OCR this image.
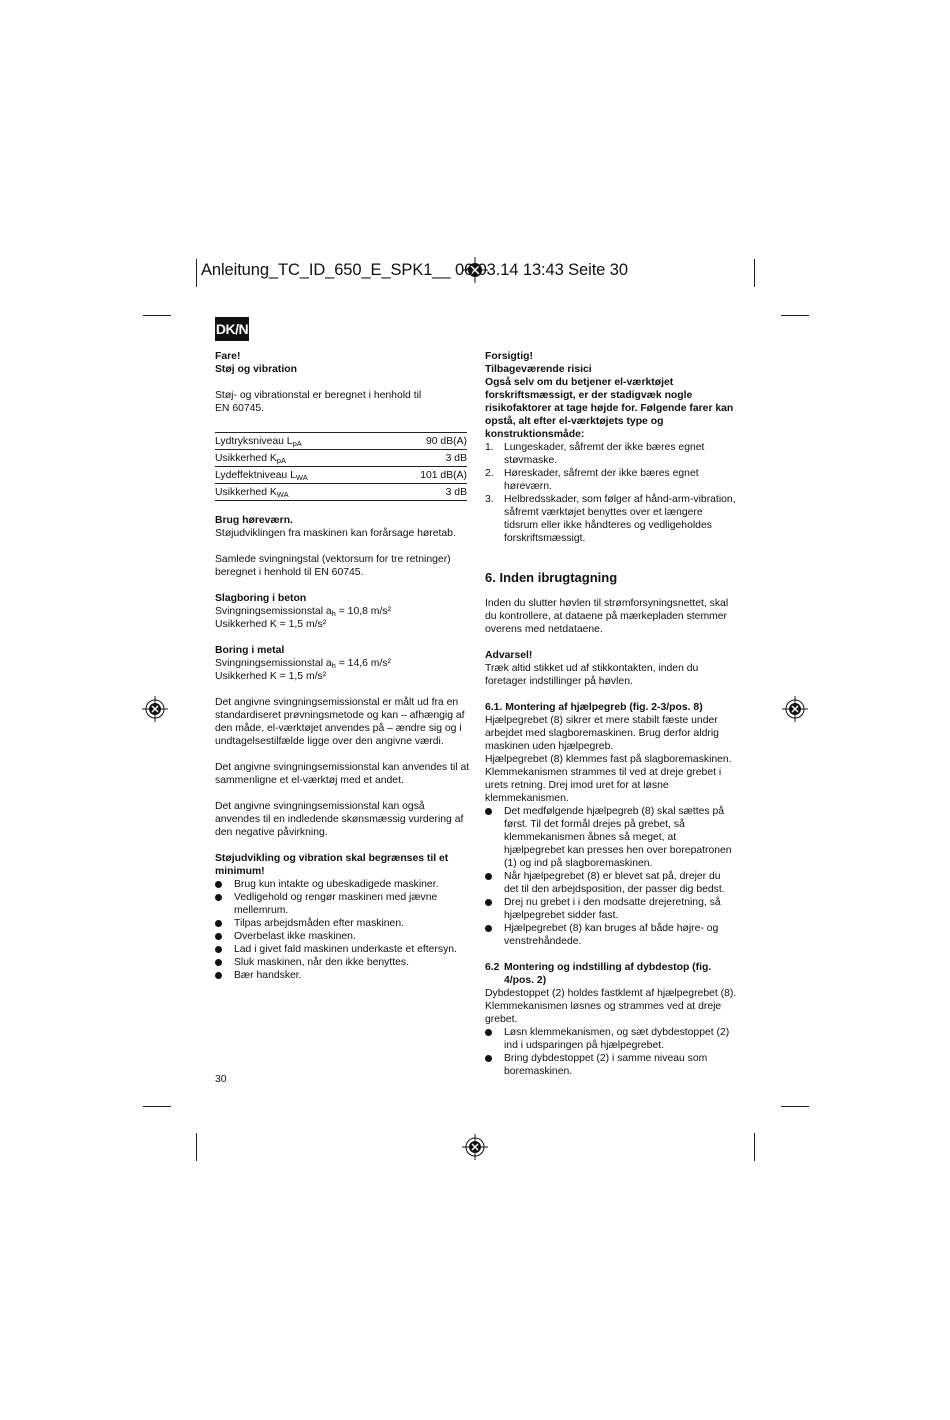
Anleitung_TC_ID_650_E_SPK1__ 06.03.14 13:43 Seite 30
DK/N

Fare!

Støj og vibration

Støj- og vibrationstal er beregnet i henhold til EN 60745.

Lydtryksniveau $L_{pA}$	90 dB(A)
Usikkerhed $K_{pA}$	3 dB
Lydeffektniveau $L_{WA}$	101 dB(A)
Usikkerhed $K_{WA}$	3 dB

Brug høreværn.

Støjudviklingen fra maskinen kan forårsage høretab.

Samlede svingningstal (vektorsum for tre retninger) beregnet i henhold til EN 60745.

Slagboring i beton

Svingningsemissionstal $a_h = 10,8$ m/s²

Usikkerhed K = 1,5 m/s²

Boring i metal

Svingningsemissionstal $a_h = 14,6$ m/s²

Usikkerhed K = 1,5 m/s²

Det angivne svingningsemissionstal er målt ud fra en standardiseret prøvningsmetode og kan – afhængig af den måde, el-værktøjet anvendes på – ændre sig og i undtagelsestilfælde ligge over den angivne værdi.

Det angivne svingningsemissionstal kan anvendes til at sammenligne et el-værktøj med et andet.

Det angivne svingningsemissionstal kan også anvendes til en indledende skønsmæssig vurdering af den negative påvirkning.

Støjudvikling og vibration skal begrænses til et minimum!

Brug kun intakte og ubeskadigede maskiner.
Vedligehold og rengør maskinen med jævne mellemrum.
Tilpas arbejdsmåden efter maskinen.
Overbelast ikke maskinen.
Lad i givet fald maskinen underkaste et eftersyn.
Sluk maskinen, når den ikke benyttes.
Bær handsker.
30

Forsigtig!

Tilbageværende risici

Også selv om du betjener el-værktøjet forskriftsmæssigt, er der stadigvæk nogle risikofaktorer at tage højde for. Følgende farer kan opstå, alt efter el-værktøjets type og konstruktionsmåde:

1. Lungeskader, såfremt der ikke bæres egnet støvmaske.
2. Høreskader, såfremt der ikke bæres egnet høreværn.
3. Helbredsskader, som følger af hånd-arm-vibration, såfremt værktøjet benyttes over et længere tidsrum eller ikke håndteres og vedligeholdes forskriftsmæssigt.

6. Inden ibrugtagning

Inden du slutter høvlen til strømforsyningsnettet, skal du kontrollere, at dataene på mærkepladen stemmer overens med netdataene.

Advarsel!

Træk altid stikket ud af stikkontakten, inden du foretager indstillinger på høvlen.

6.1. Montering af hjælpegreb (fig. 2-3/pos. 8)

Hjælpegrebet (8) sikrer et mere stabilt fæste under arbejdet med slagboremaskinen. Brug derfor aldrig maskinen uden hjælpegreb.

Hjælpegrebet (8) klemmes fast på slagboremaskinen. Klemmekanismen strammes til ved at dreje grebet i urets retning. Drej imod uret for at løsne klemmekanismen.

Det medfølgende hjælpegreb (8) skal sættes på først. Til det formål drejes på grebet, så klemmekanismen åbnes så meget, at hjælpegrebet kan presses hen over borepatronen (1) og ind på slagboremaskinen.
Når hjælpegrebet (8) er blevet sat på, drejer du det til den arbejdsposition, der passer dig bedst.
Drej nu grebet i i den modsatte drejeretning, så hjælpegrebet sidder fast.
Hjælpegrebet (8) kan bruges af både højre- og venstrehåndede.
6.2 Montering og indstilling af dybdestop (fig. 4/pos. 2)

Dybdestoppet (2) holdes fastklemt af hjælpegrebet (8). Klemmekanismen løsnes og strammes ved at dreje grebet.

Løsn klemmekanismen, og sæt dybdestoppet (2) ind i udsparingen på hjælpegrebet.
Bring dybdestoppet (2) i samme niveau som boremaskinen.
